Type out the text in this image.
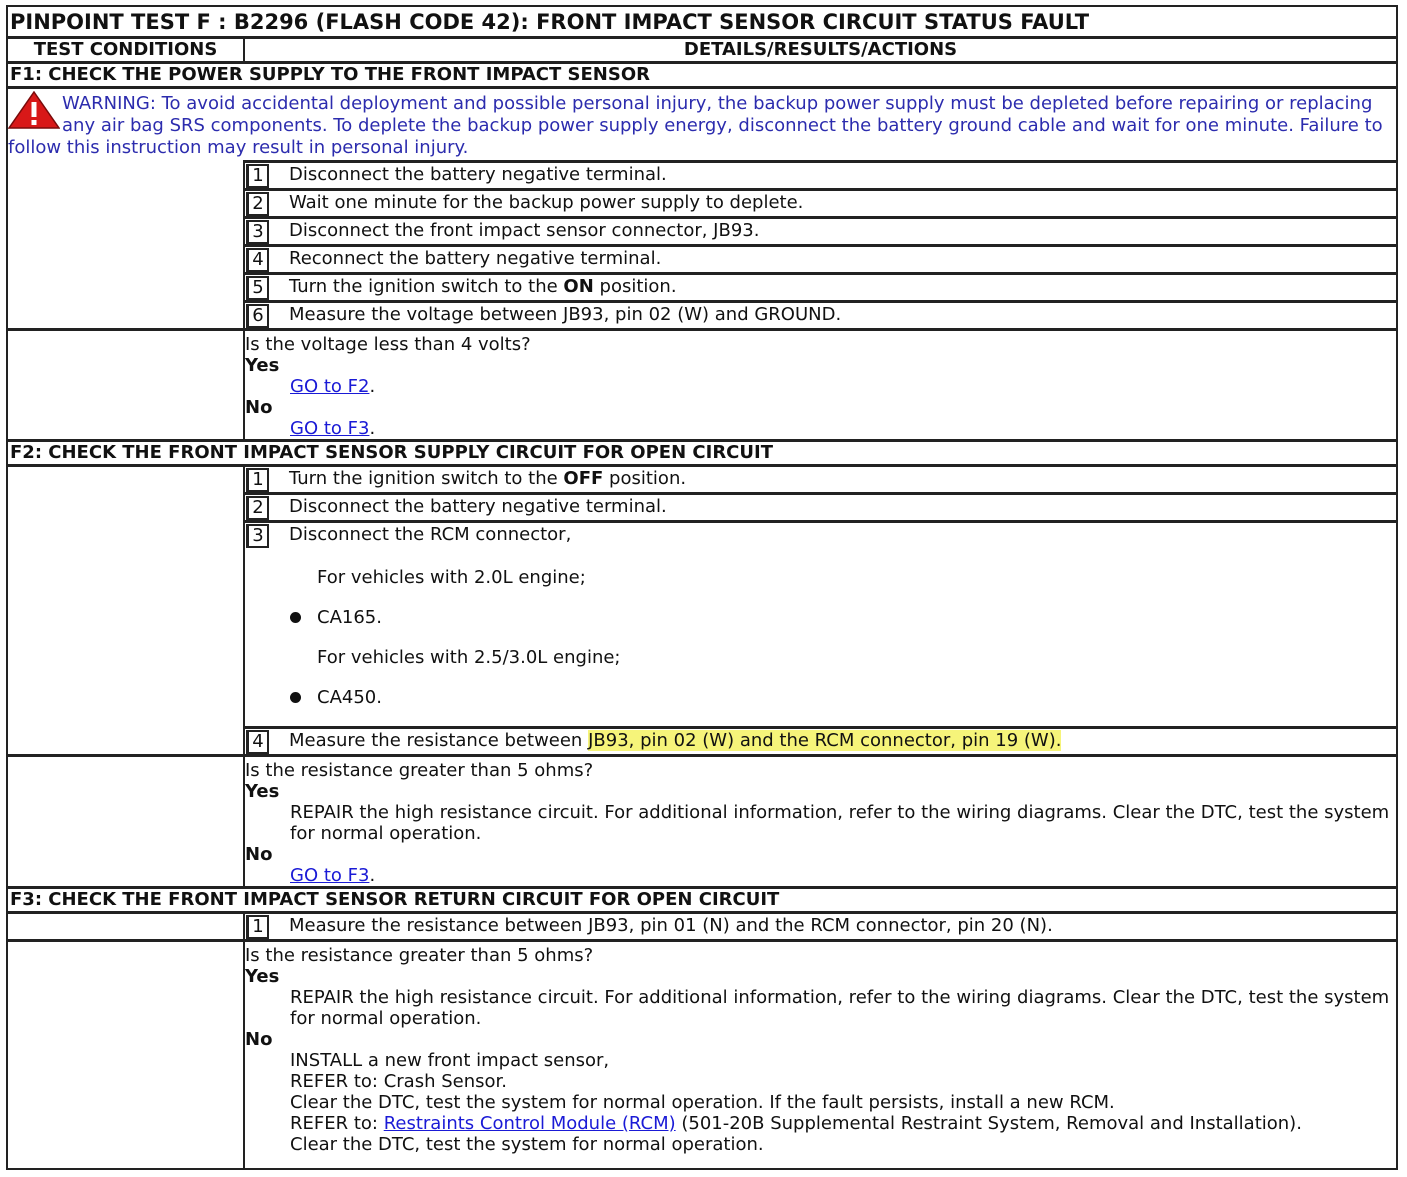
PINPOINT TEST F : B2296 (FLASH CODE 42): FRONT IMPACT SENSOR CIRCUIT STATUS FAULT
TEST CONDITIONS	DETAILS/RESULTS/ACTIONS
F1: CHECK THE POWER SUPPLY TO THE FRONT IMPACT SENSOR
WARNING: To avoid accidental deployment and possible personal injury, the backup power supply must be depleted before repairing or replacing any air bag SRS components. To deplete the backup power supply energy, disconnect the battery ground cable and wait for one minute. Failure to follow this instruction may result in personal injury.
1	Disconnect the battery negative terminal.
2	Wait one minute for the backup power supply to deplete.
3	Disconnect the front impact sensor connector, JB93.
4	Reconnect the battery negative terminal.
5	Turn the ignition switch to the ON position.
6	Measure the voltage between JB93, pin 02 (W) and GROUND.
Is the voltage less than 4 volts?
Yes
GO to F2.
No
GO to F3.
F2: CHECK THE FRONT IMPACT SENSOR SUPPLY CIRCUIT FOR OPEN CIRCUIT
1	Turn the ignition switch to the OFF position.
2	Disconnect the battery negative terminal.
3	Disconnect the RCM connector,
For vehicles with 2.0L engine;
CA165.
For vehicles with 2.5/3.0L engine;
CA450.
4	Measure the resistance between JB93, pin 02 (W) and the RCM connector, pin 19 (W).
Is the resistance greater than 5 ohms?
Yes
REPAIR the high resistance circuit. For additional information, refer to the wiring diagrams. Clear the DTC, test the system for normal operation.
No
GO to F3.
F3: CHECK THE FRONT IMPACT SENSOR RETURN CIRCUIT FOR OPEN CIRCUIT
1	Measure the resistance between JB93, pin 01 (N) and the RCM connector, pin 20 (N).
Is the resistance greater than 5 ohms?
Yes
REPAIR the high resistance circuit. For additional information, refer to the wiring diagrams. Clear the DTC, test the system for normal operation.
No
INSTALL a new front impact sensor,
REFER to: Crash Sensor.
Clear the DTC, test the system for normal operation. If the fault persists, install a new RCM.
REFER to: Restraints Control Module (RCM) (501-20B Supplemental Restraint System, Removal and Installation).
Clear the DTC, test the system for normal operation.
